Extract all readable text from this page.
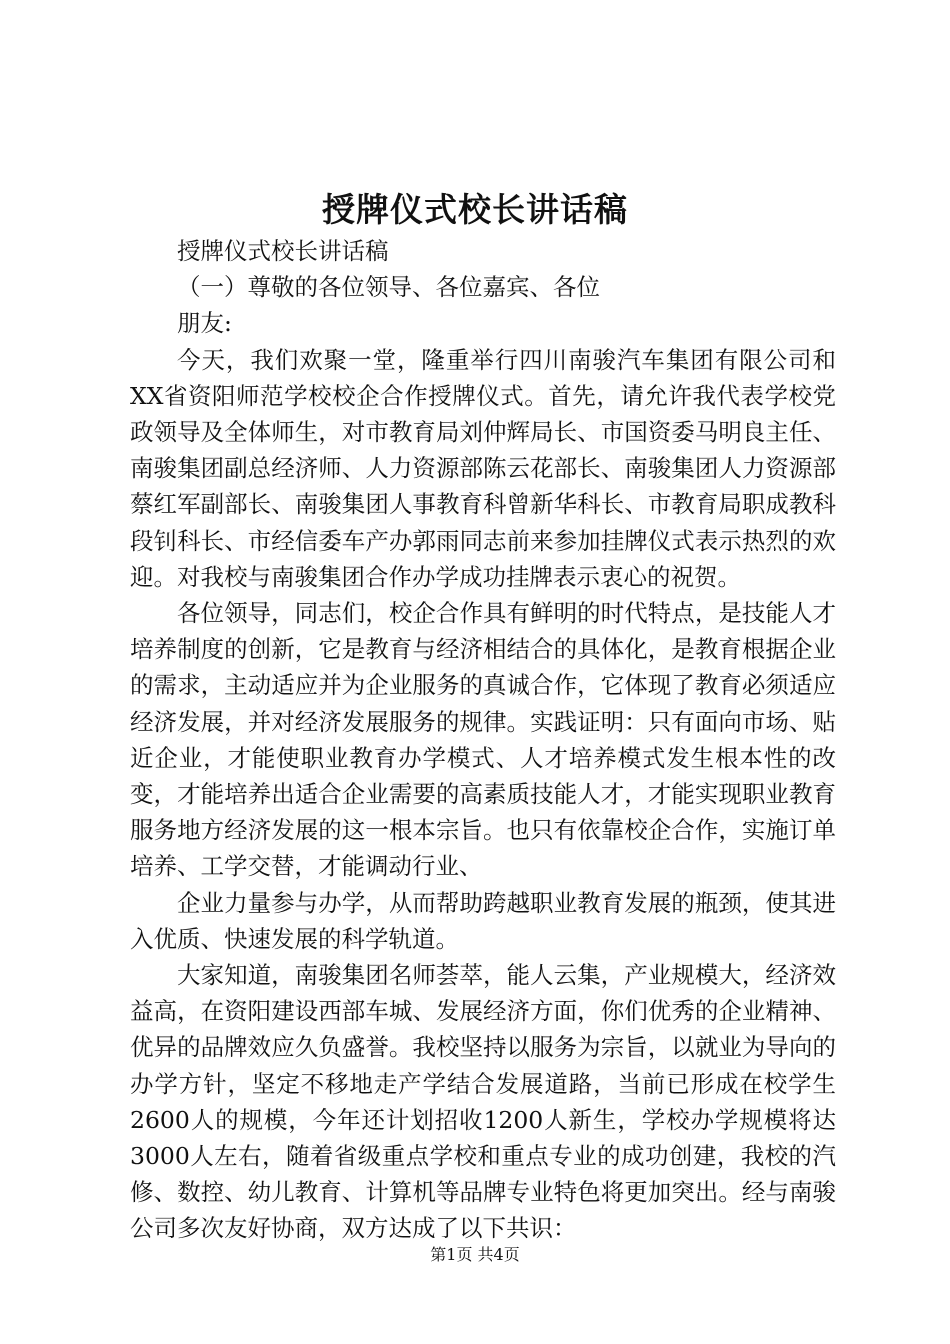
授牌仪式校长讲话稿

授牌仪式校长讲话稿

（一）尊敬的各位领导、各位嘉宾、各位

朋友:

今天，我们欢聚一堂，隆重举行四川南骏汽车集团有限公司和XX省资阳师范学校校企合作授牌仪式。首先，请允许我代表学校党政领导及全体师生，对市教育局刘仲辉局长、市国资委马明良主任、南骏集团副总经济师、人力资源部陈云花部长、南骏集团人力资源部蔡红军副部长、南骏集团人事教育科曾新华科长、市教育局职成教科段钊科长、市经信委车产办郭雨同志前来参加挂牌仪式表示热烈的欢迎。对我校与南骏集团合作办学成功挂牌表示衷心的祝贺。

各位领导，同志们，校企合作具有鲜明的时代特点，是技能人才培养制度的创新，它是教育与经济相结合的具体化，是教育根据企业的需求，主动适应并为企业服务的真诚合作，它体现了教育必须适应经济发展，并对经济发展服务的规律。实践证明：只有面向市场、贴近企业，才能使职业教育办学模式、人才培养模式发生根本性的改变，才能培养出适合企业需要的高素质技能人才，才能实现职业教育服务地方经济发展的这一根本宗旨。也只有依靠校企合作，实施订单培养、工学交替，才能调动行业、

企业力量参与办学，从而帮助跨越职业教育发展的瓶颈，使其进入优质、快速发展的科学轨道。

大家知道，南骏集团名师荟萃，能人云集，产业规模大，经济效益高，在资阳建设西部车城、发展经济方面，你们优秀的企业精神、优异的品牌效应久负盛誉。我校坚持以服务为宗旨，以就业为导向的办学方针，坚定不移地走产学结合发展道路，当前已形成在校学生2600人的规模，今年还计划招收1200人新生，学校办学规模将达3000人左右，随着省级重点学校和重点专业的成功创建，我校的汽修、数控、幼儿教育、计算机等品牌专业特色将更加突出。经与南骏公司多次友好协商，双方达成了以下共识：

第1页 共4页
